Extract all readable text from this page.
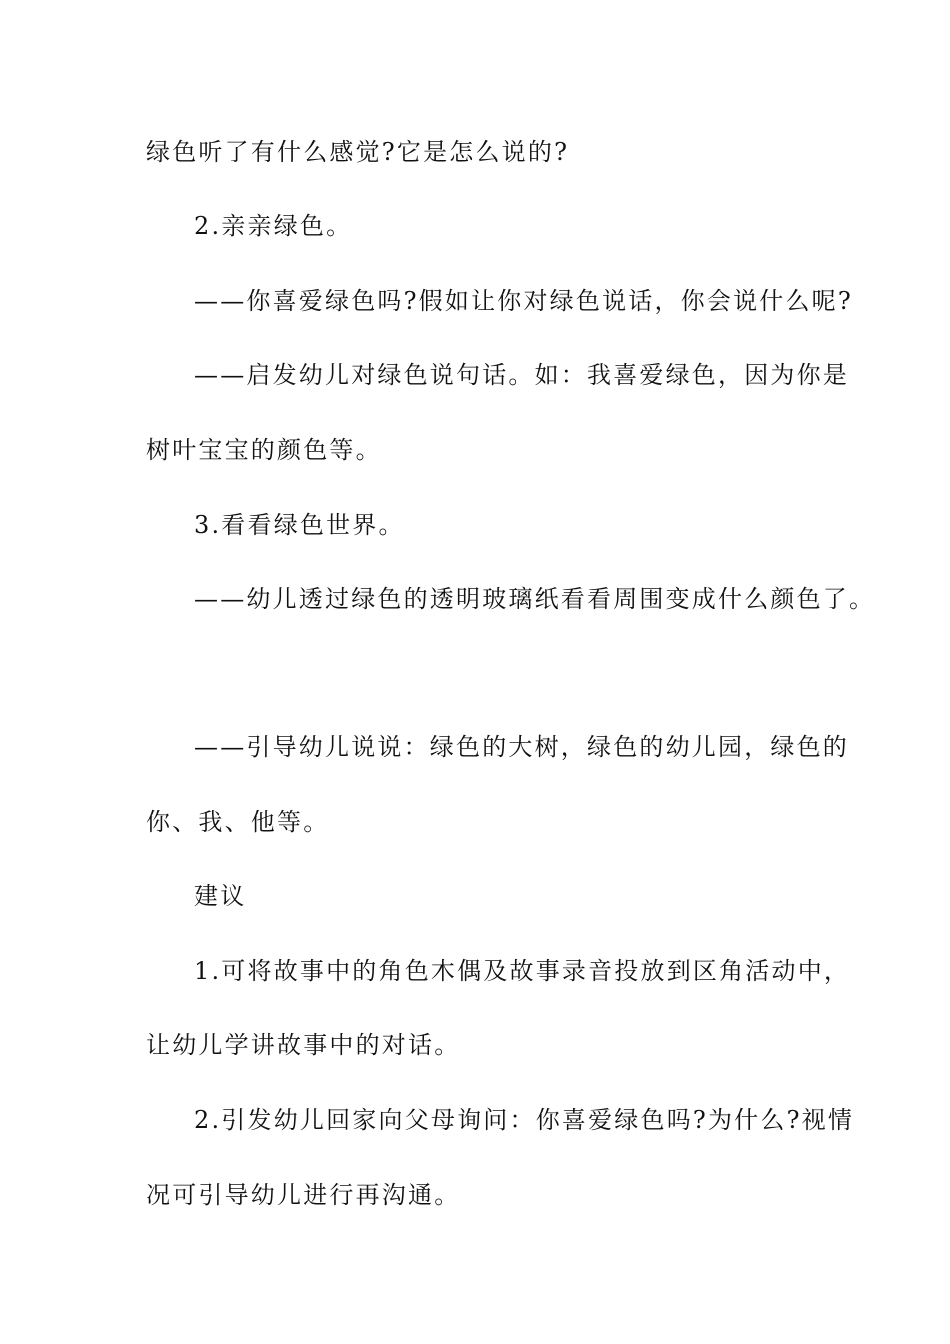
绿色听了有什么感觉?它是怎么说的?
2.亲亲绿色。
——你喜爱绿色吗?假如让你对绿色说话，你会说什么呢?
——启发幼儿对绿色说句话。如：我喜爱绿色，因为你是
树叶宝宝的颜色等。
3.看看绿色世界。
——幼儿透过绿色的透明玻璃纸看看周围变成什么颜色了。
——引导幼儿说说：绿色的大树，绿色的幼儿园，绿色的
你、我、他等。
建议
1.可将故事中的角色木偶及故事录音投放到区角活动中，
让幼儿学讲故事中的对话。
2.引发幼儿回家向父母询问：你喜爱绿色吗?为什么?视情
况可引导幼儿进行再沟通。
